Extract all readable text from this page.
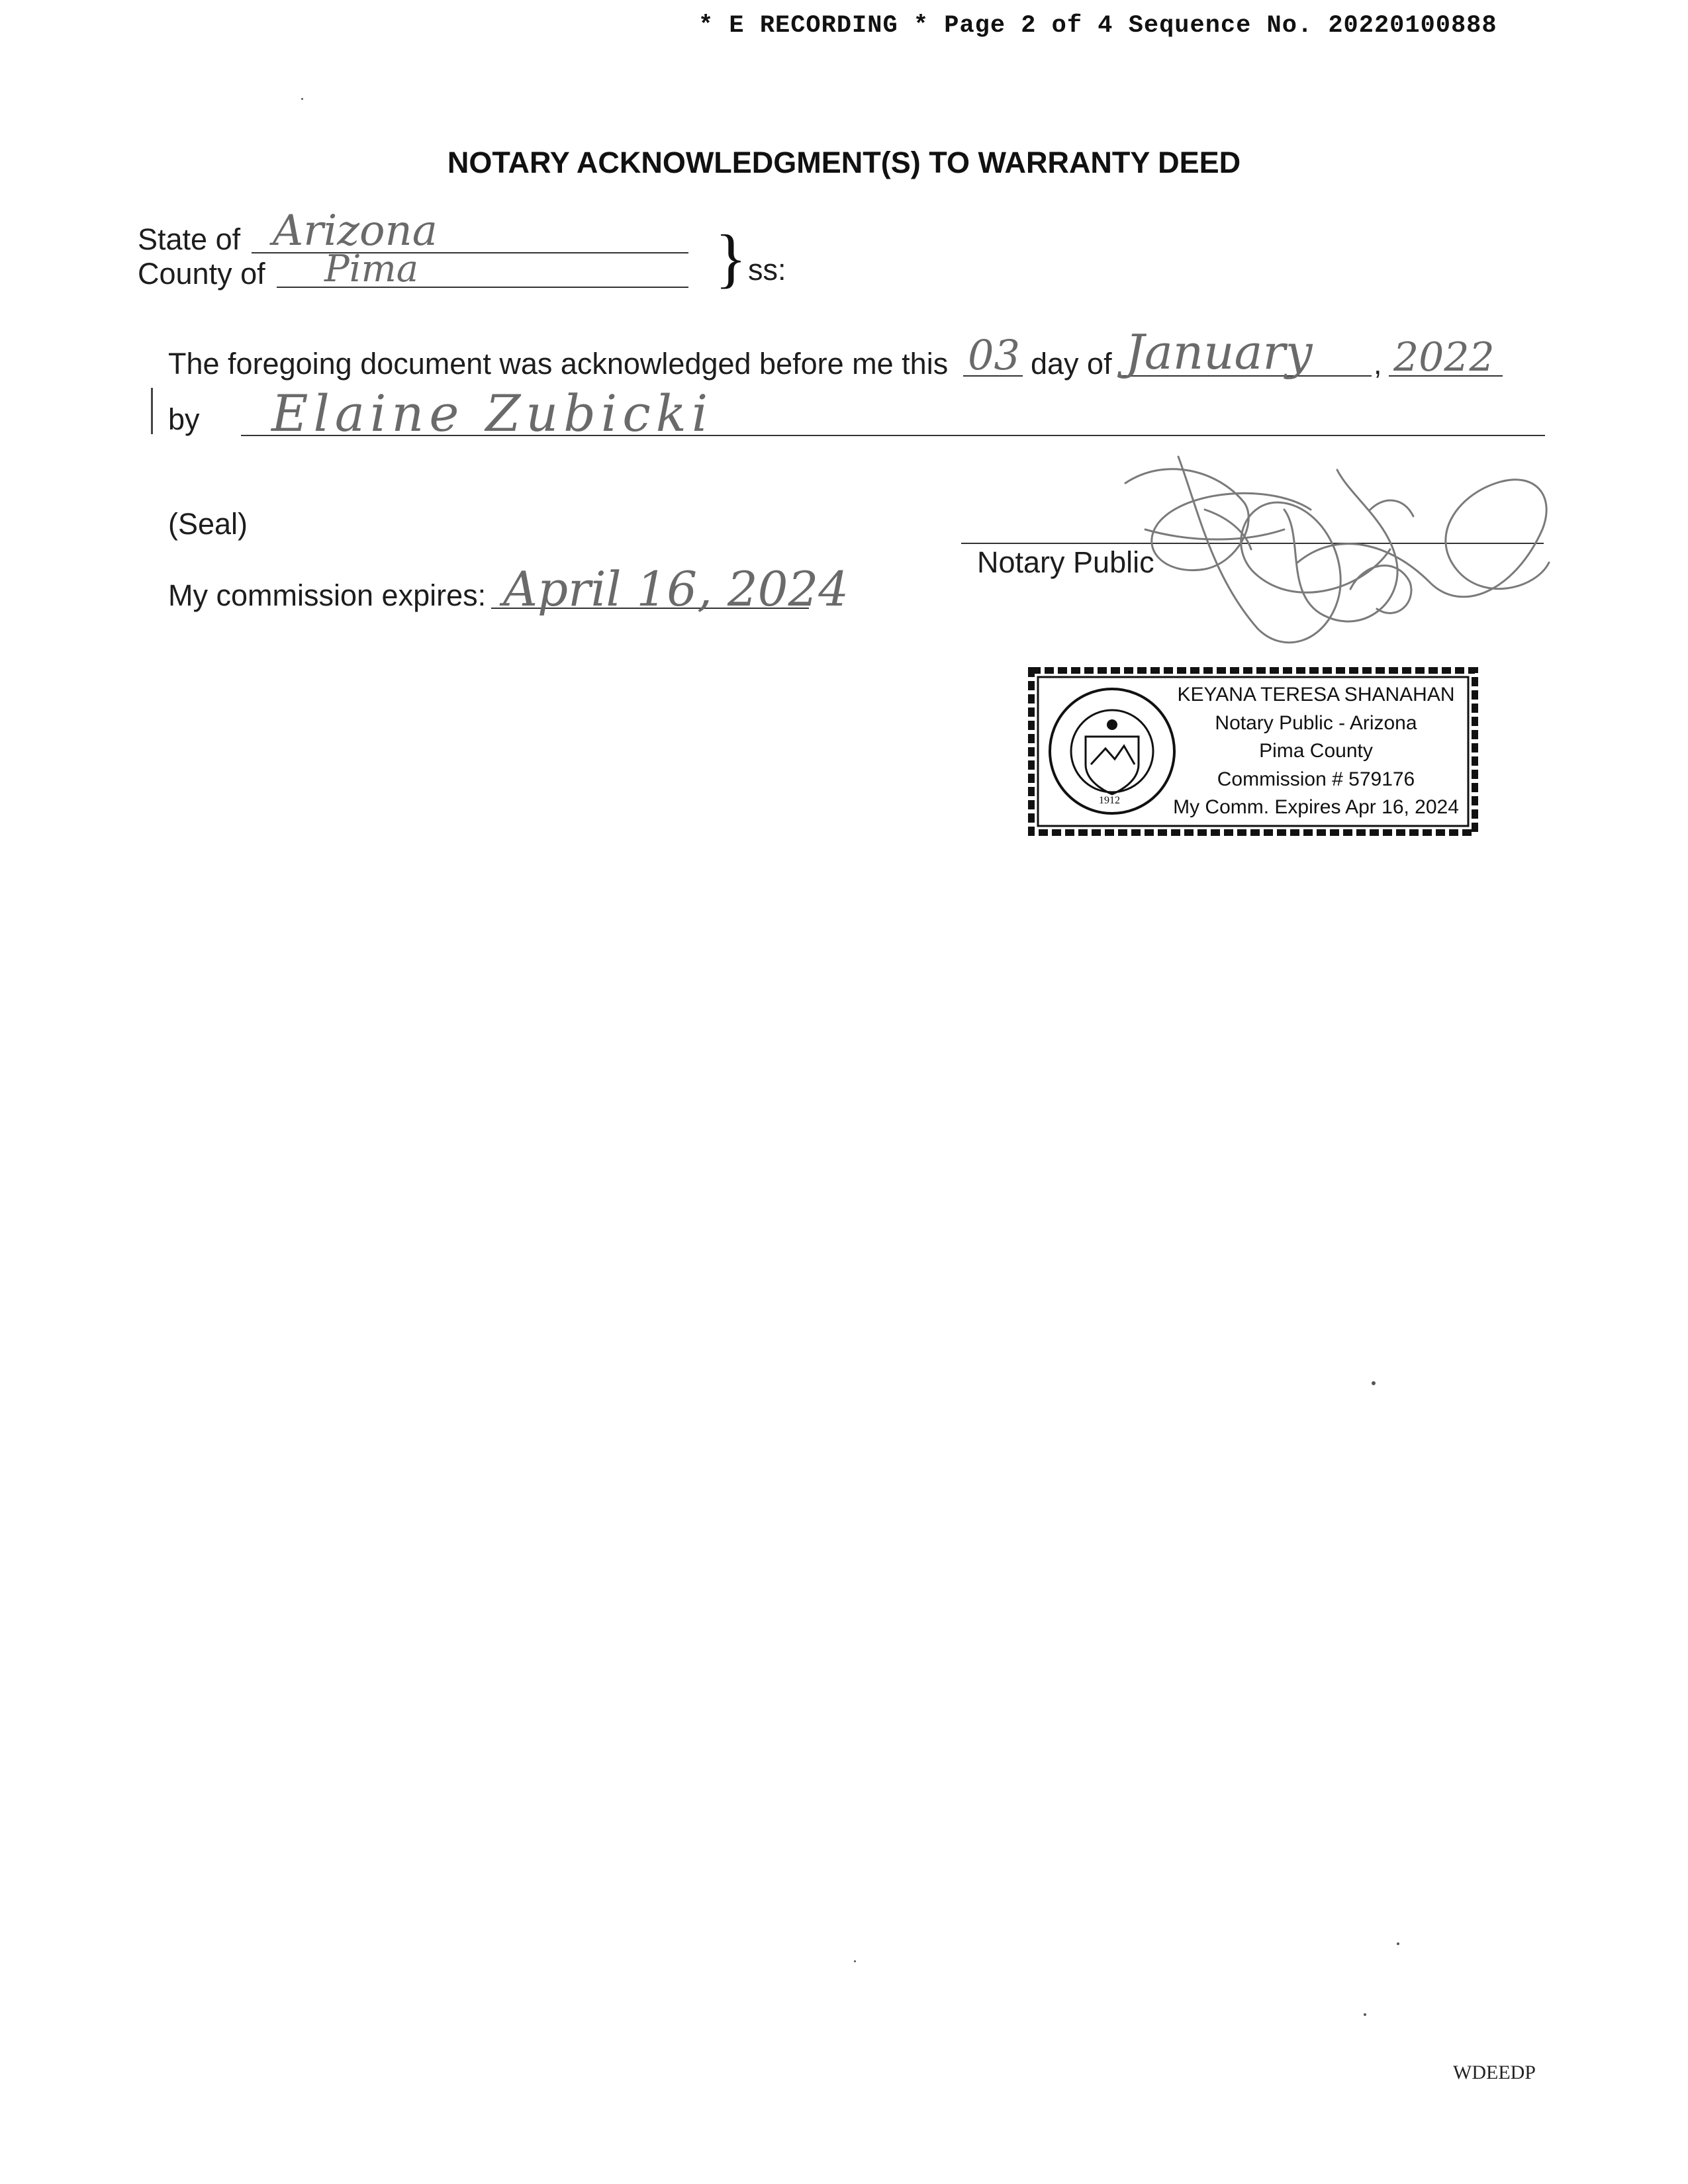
* E RECORDING * Page 2 of 4 Sequence No. 20220100888
NOTARY ACKNOWLEDGMENT(S) TO WARRANTY DEED
State of Arizona
County of Pima	} ss:
The foregoing document was acknowledged before me this 03 day of January , 2022
by Elaine Zubicki
(Seal)
My commission expires: April 16, 2024	Notary Public
1912
KEYANA TERESA SHANAHAN
Notary Public - Arizona
Pima County
Commission # 579176
My Comm. Expires Apr 16, 2024
WDEEDP
